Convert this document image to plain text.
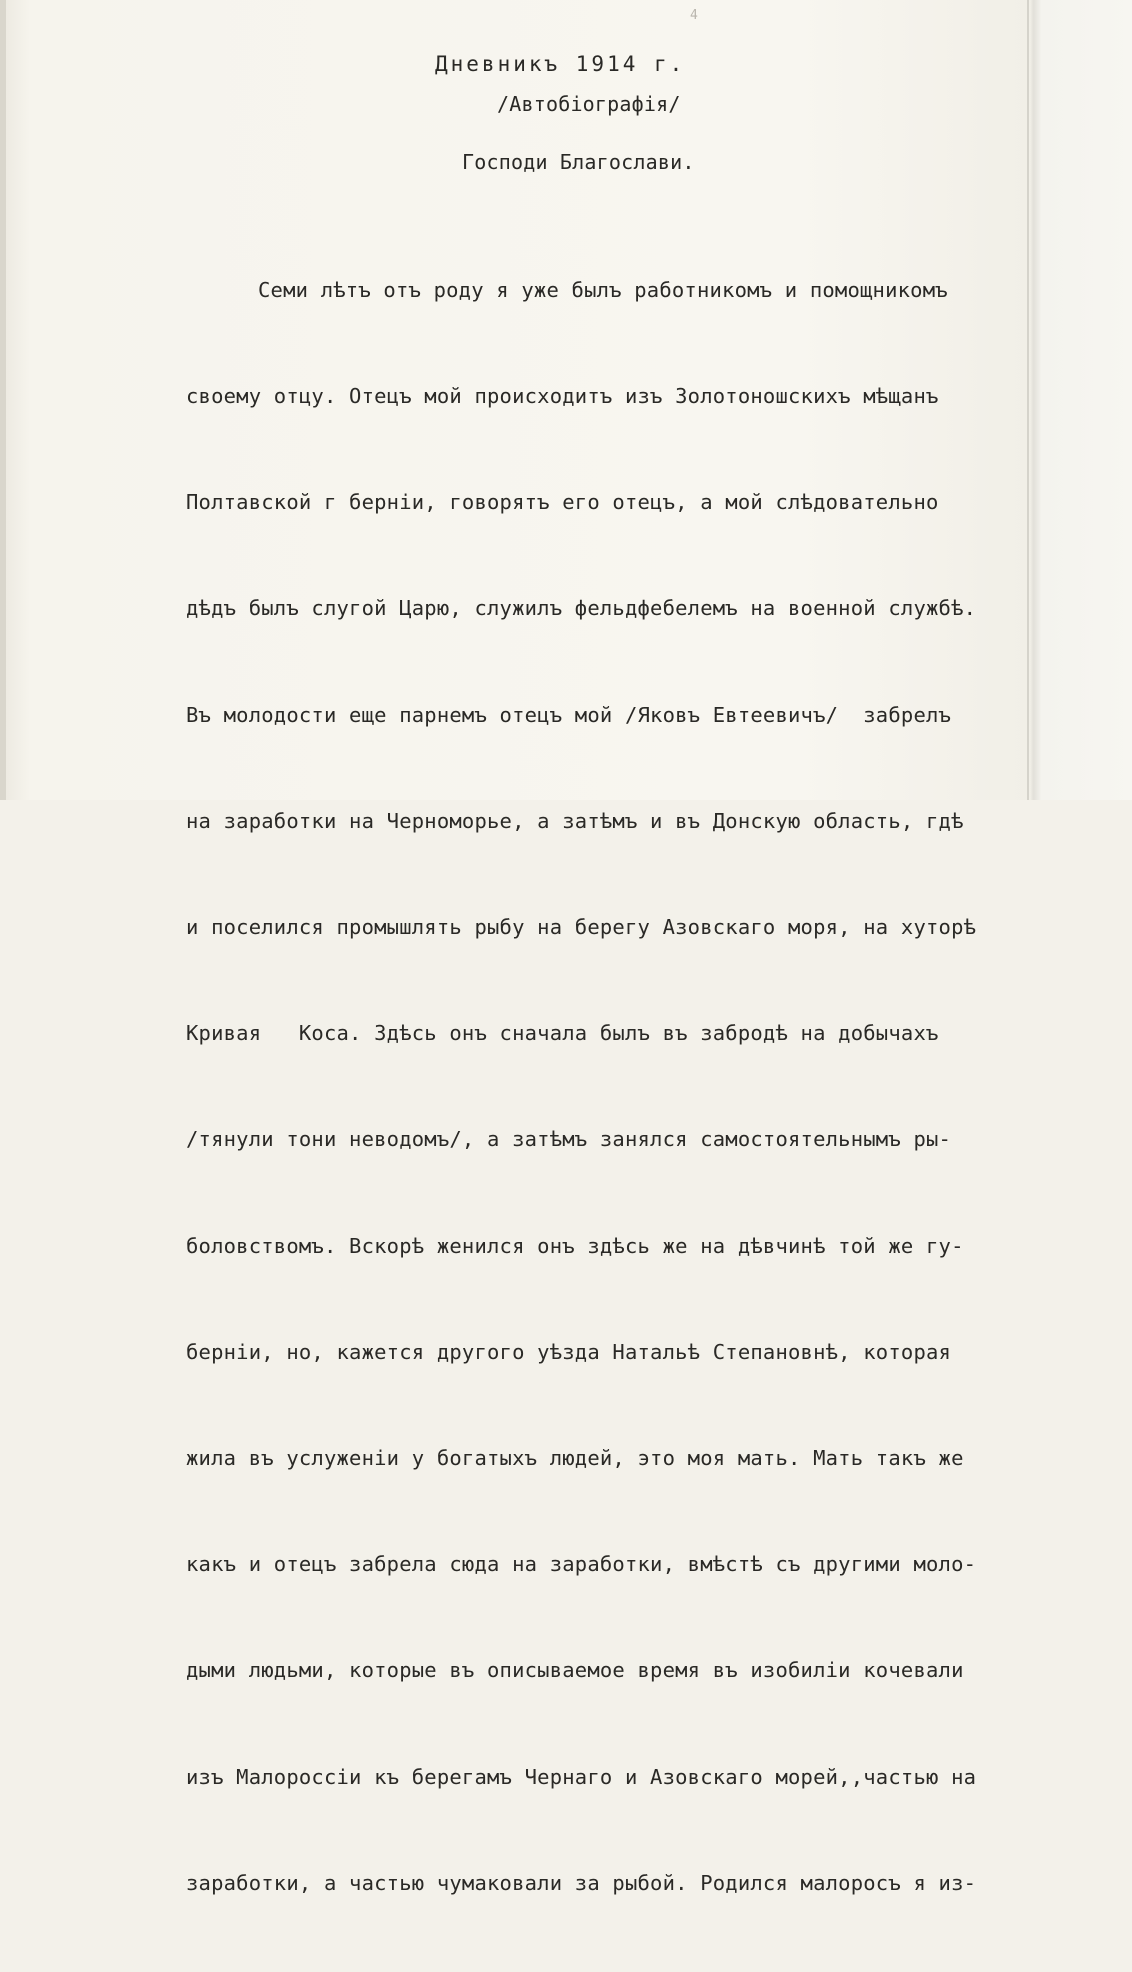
4
Дневникъ 1914 г.
/Автобіографія/
Господи Благослави.

Семи лѣтъ отъ роду я уже былъ работникомъ и помощникомъ

своему отцу. Отецъ мой происходитъ изъ Золотоношскихъ мѣщанъ

Полтавской г берніи, говорятъ его отецъ, а мой слѣдовательно

дѣдъ былъ слугой Царю, служилъ фельдфебелемъ на военной службѣ.

Въ молодости еще парнемъ отецъ мой /Яковъ Евтеевичъ/  забрелъ

на заработки на Черноморье, а затѣмъ и въ Донскую область, гдѣ

и поселился промышлять рыбу на берегу Азовскаго моря, на хуторѣ

Кривая   Коса. Здѣсь онъ сначала былъ въ забродѣ на добычахъ

/тянули тони неводомъ/, а затѣмъ занялся самостоятельнымъ ры-

боловствомъ. Вскорѣ женился онъ здѣсь же на дѣвчинѣ той же гу-

берніи, но, кажется другого уѣзда Натальѣ Степановнѣ, которая

жила въ услуженіи у богатыхъ людей, это моя мать. Мать такъ же

какъ и отецъ забрела сюда на заработки, вмѣстѣ съ другими моло-

дыми людьми, которые въ описываемое время въ изобиліи кочевали

изъ Малороссіи къ берегамъ Чернаго и Азовскаго морей,,частью на

заработки, а частью чумаковали за рыбой. Родился малоросъ я из-
